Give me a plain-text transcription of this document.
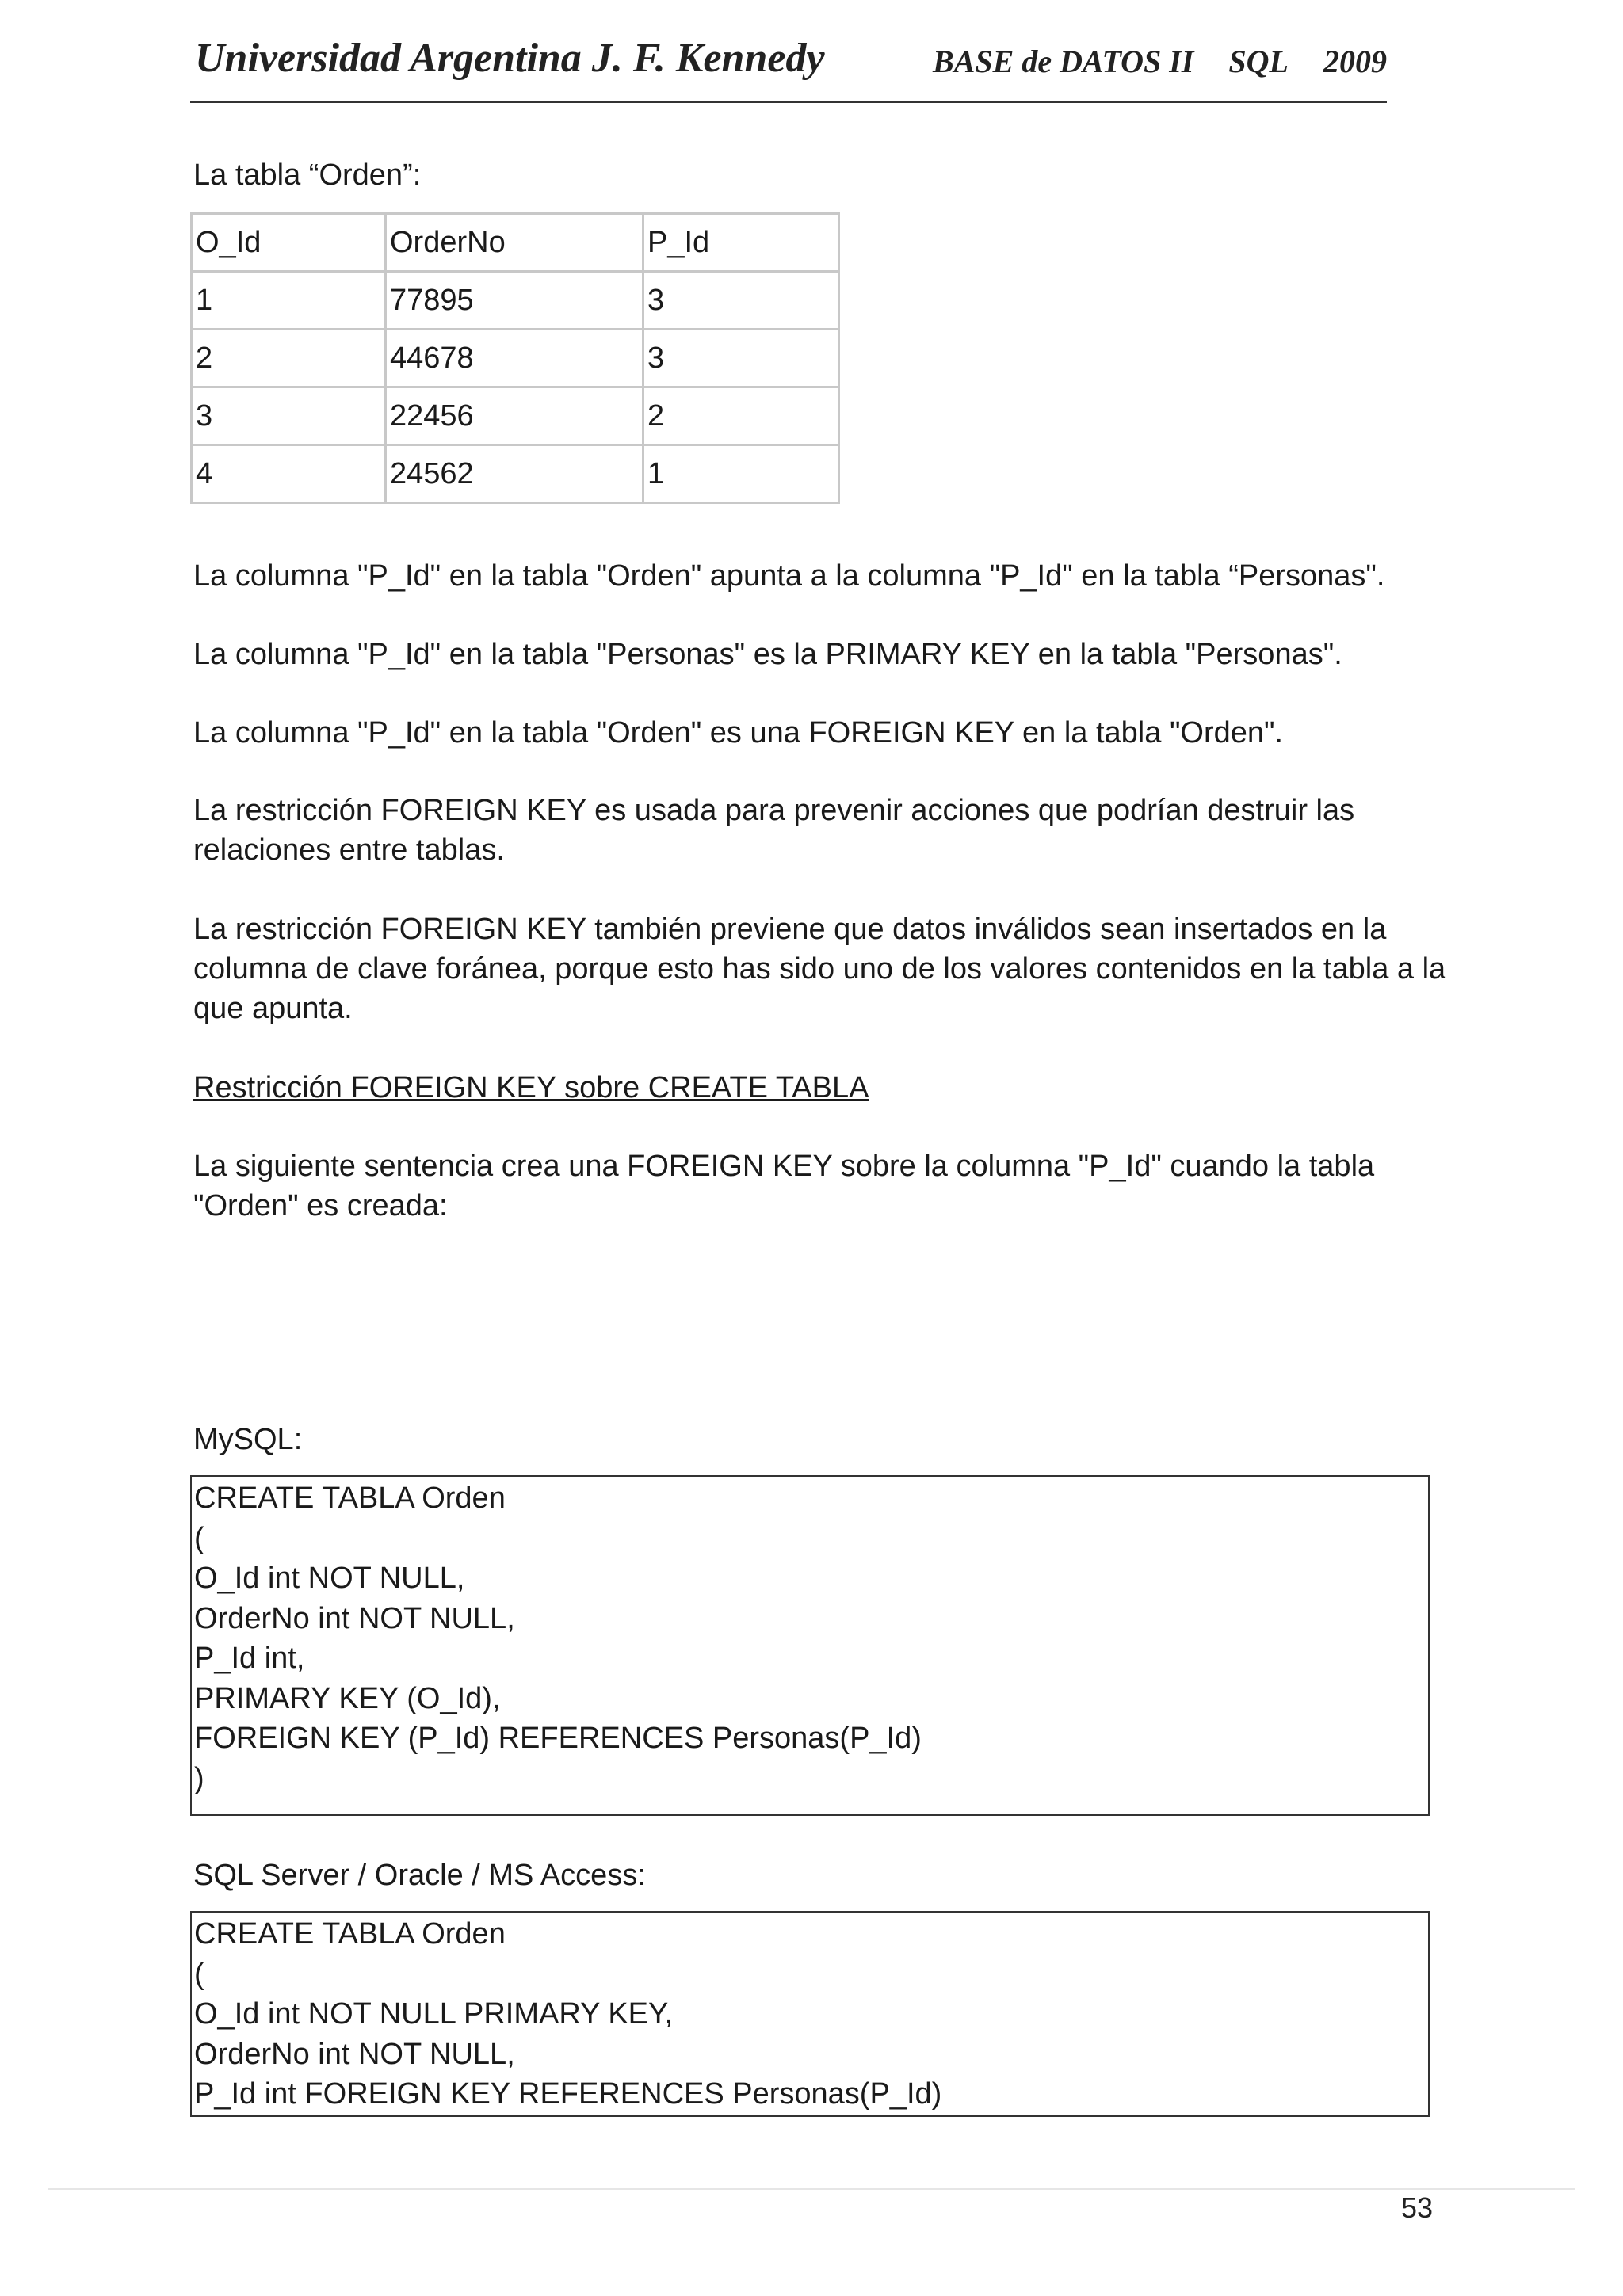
Universidad Argentina J. F. Kennedy	BASE de DATOS II SQL 2009
La tabla “Orden”:
O_Id	OrderNo	P_Id
1	77895	3
2	44678	3
3	22456	2
4	24562	1
La columna "P_Id" en la tabla "Orden" apunta a la columna "P_Id" en la tabla “Personas".
La columna "P_Id" en la tabla "Personas" es la PRIMARY KEY en la tabla "Personas".
La columna "P_Id" en la tabla "Orden" es una FOREIGN KEY en la tabla "Orden".
La restricción FOREIGN KEY es usada para prevenir acciones que podrían destruir las
relaciones entre tablas.
La restricción FOREIGN KEY también previene que datos inválidos sean insertados en la
columna de clave foránea, porque esto has sido uno de los valores contenidos en la tabla a la
que apunta.
Restricción FOREIGN KEY sobre CREATE TABLA
La siguiente sentencia crea una FOREIGN KEY sobre la columna "P_Id" cuando la tabla
"Orden" es creada:
MySQL:
CREATE TABLA Orden
(
O_Id int NOT NULL,
OrderNo int NOT NULL,
P_Id int,
PRIMARY KEY (O_Id),
FOREIGN KEY (P_Id) REFERENCES Personas(P_Id)
)
SQL Server / Oracle / MS Access:
CREATE TABLA Orden
(
O_Id int NOT NULL PRIMARY KEY,
OrderNo int NOT NULL,
P_Id int FOREIGN KEY REFERENCES Personas(P_Id)
53
